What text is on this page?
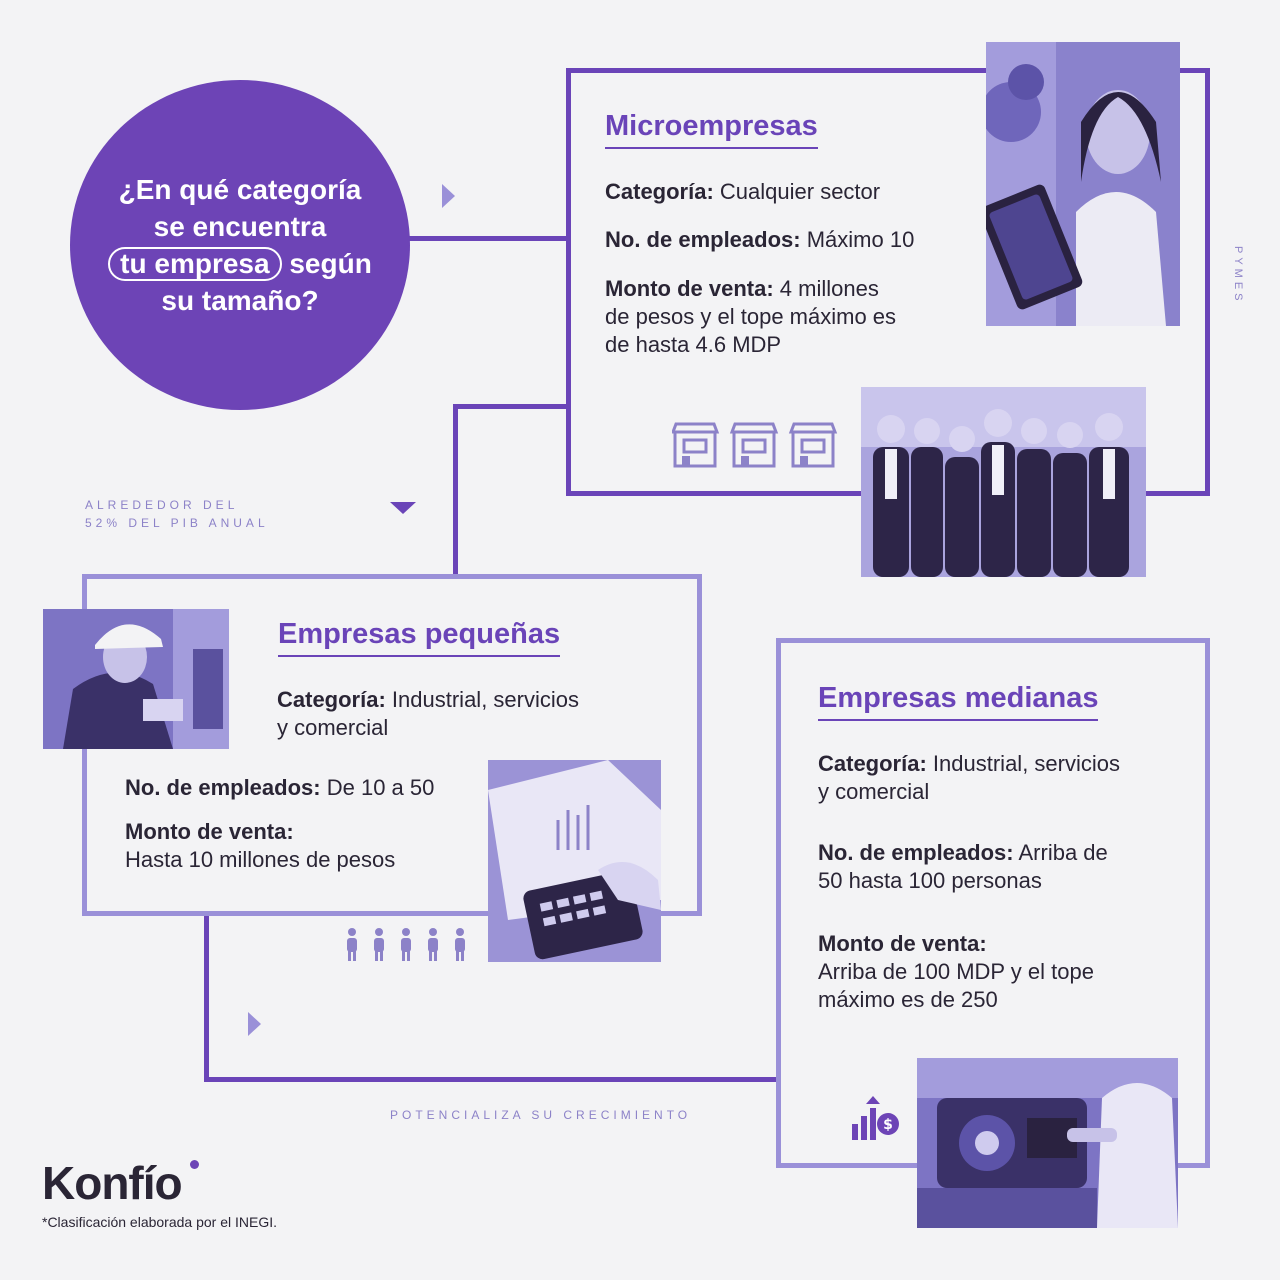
¿En qué categoría
se encuentra
tu empresa según
su tamaño?
ALREDEDOR DEL
52% DEL PIB ANUAL
PYMES
POTENCIALIZA SU CRECIMIENTO
Microempresas
Categoría: Cualquier sector
No. de empleados: Máximo 10
Monto de venta: 4 millones
de pesos y el tope máximo es
de hasta 4.6 MDP
Empresas pequeñas
Categoría: Industrial, servicios
y comercial
No. de empleados: De 10 a 50
Monto de venta:
Hasta 10 millones de pesos
Empresas medianas
Categoría: Industrial, servicios
y comercial
No. de empleados: Arriba de
50 hasta 100 personas
Monto de venta:
Arriba de 100 MDP y el tope
máximo es de 250
$
Konfío
*Clasificación elaborada por el INEGI.
